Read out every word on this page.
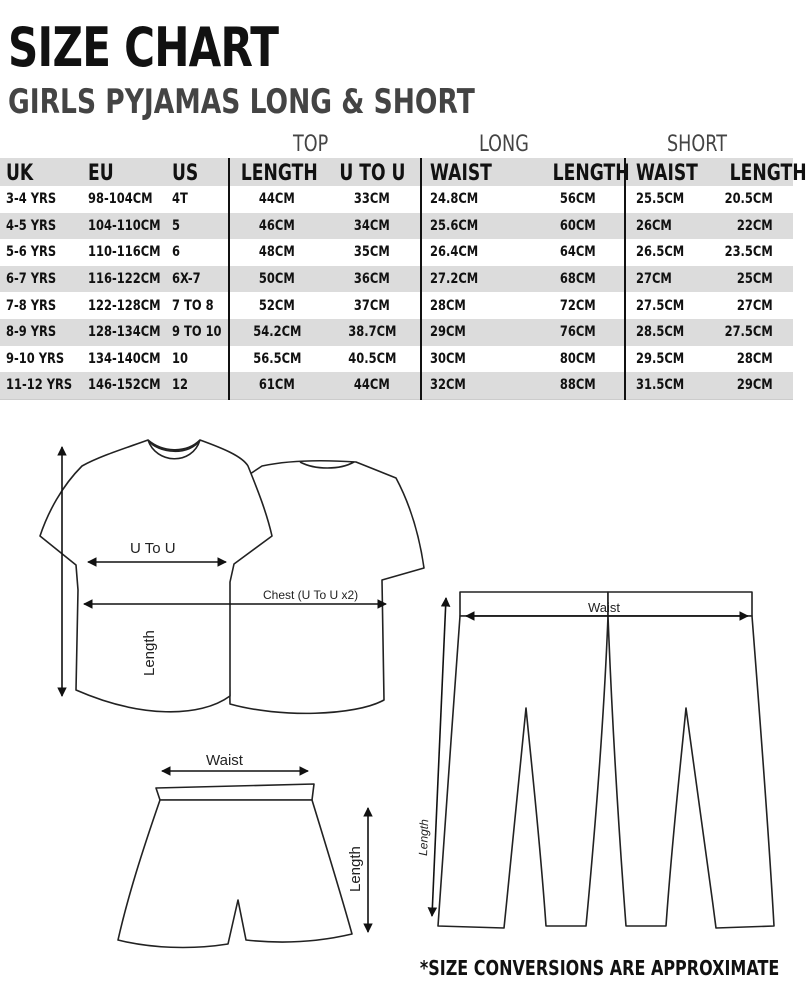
SIZE CHART
GIRLS PYJAMAS LONG & SHORT
TOP	LONG	SHORT
UK	EU	US	LENGTH	U TO U	WAIST	LENGTH	WAIST	LENGTH
3-4 YRS	98-104CM	4T	44CM	33CM	24.8CM	56CM	25.5CM	20.5CM
4-5 YRS	104-110CM	5	46CM	34CM	25.6CM	60CM	26CM	22CM
5-6 YRS	110-116CM	6	48CM	35CM	26.4CM	64CM	26.5CM	23.5CM
6-7 YRS	116-122CM	6X-7	50CM	36CM	27.2CM	68CM	27CM	25CM
7-8 YRS	122-128CM	7 TO 8	52CM	37CM	28CM	72CM	27.5CM	27CM
8-9 YRS	128-134CM	9 TO 10	54.2CM	38.7CM	29CM	76CM	28.5CM	27.5CM
9-10 YRS	134-140CM	10	56.5CM	40.5CM	30CM	80CM	29.5CM	28CM
11-12 YRS	146-152CM	12	61CM	44CM	32CM	88CM	31.5CM	29CM
Length
U To U
Chest (U To U x2)
Waist
Length
Waist
Length
*SIZE CONVERSIONS ARE APPROXIMATE
